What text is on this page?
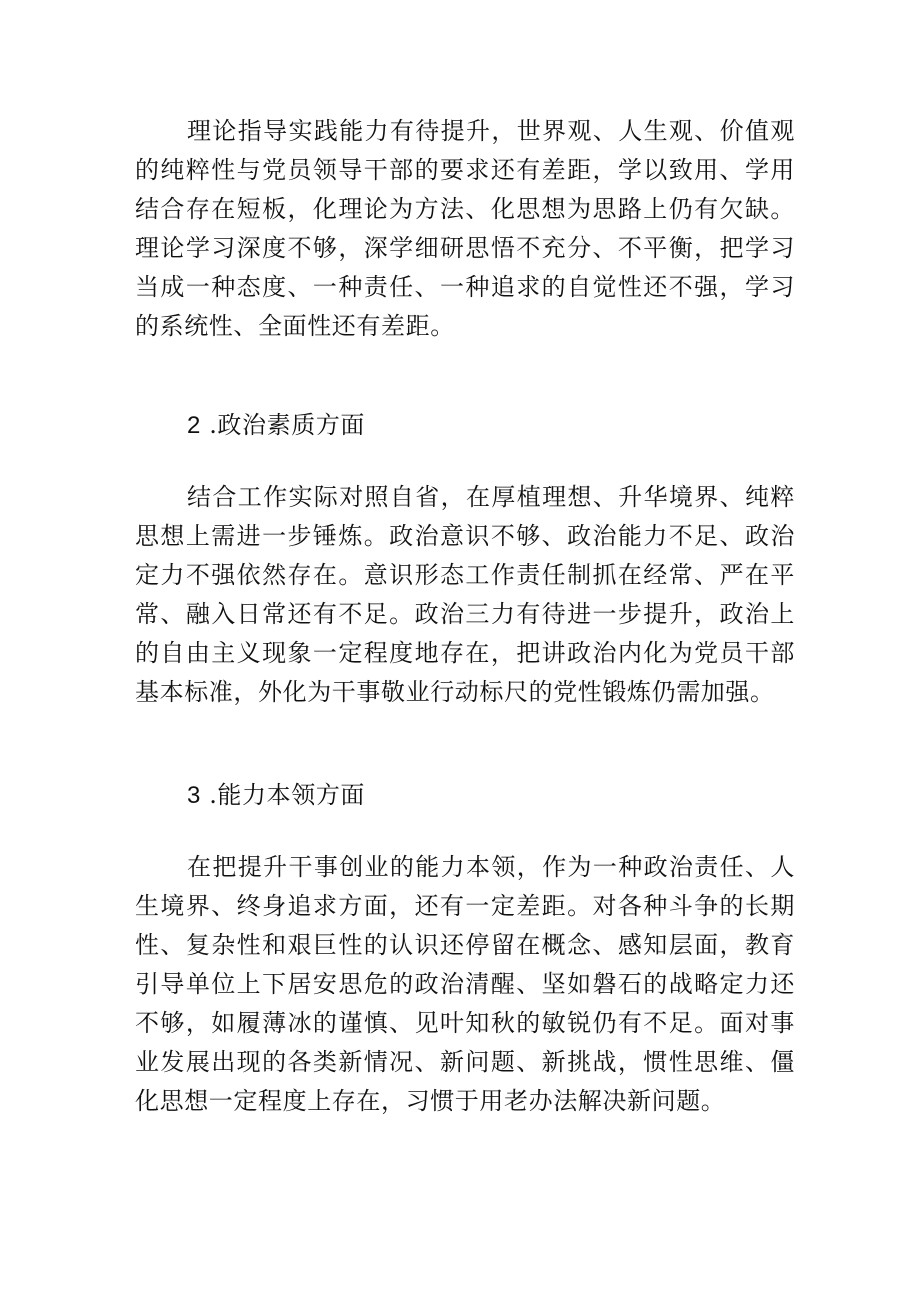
理论指导实践能力有待提升，世界观、人生观、价值观的纯粹性与党员领导干部的要求还有差距，学以致用、学用结合存在短板，化理论为方法、化思想为思路上仍有欠缺。理论学习深度不够，深学细研思悟不充分、不平衡，把学习当成一种态度、一种责任、一种追求的自觉性还不强，学习的系统性、全面性还有差距。

2 .政治素质方面

结合工作实际对照自省，在厚植理想、升华境界、纯粹思想上需进一步锤炼。政治意识不够、政治能力不足、政治定力不强依然存在。意识形态工作责任制抓在经常、严在平常、融入日常还有不足。政治三力有待进一步提升，政治上的自由主义现象一定程度地存在，把讲政治内化为党员干部基本标准，外化为干事敬业行动标尺的党性锻炼仍需加强。

3 .能力本领方面

在把提升干事创业的能力本领，作为一种政治责任、人生境界、终身追求方面，还有一定差距。对各种斗争的长期性、复杂性和艰巨性的认识还停留在概念、感知层面，教育引导单位上下居安思危的政治清醒、坚如磐石的战略定力还不够，如履薄冰的谨慎、见叶知秋的敏锐仍有不足。面对事业发展出现的各类新情况、新问题、新挑战，惯性思维、僵化思想一定程度上存在，习惯于用老办法解决新问题。
